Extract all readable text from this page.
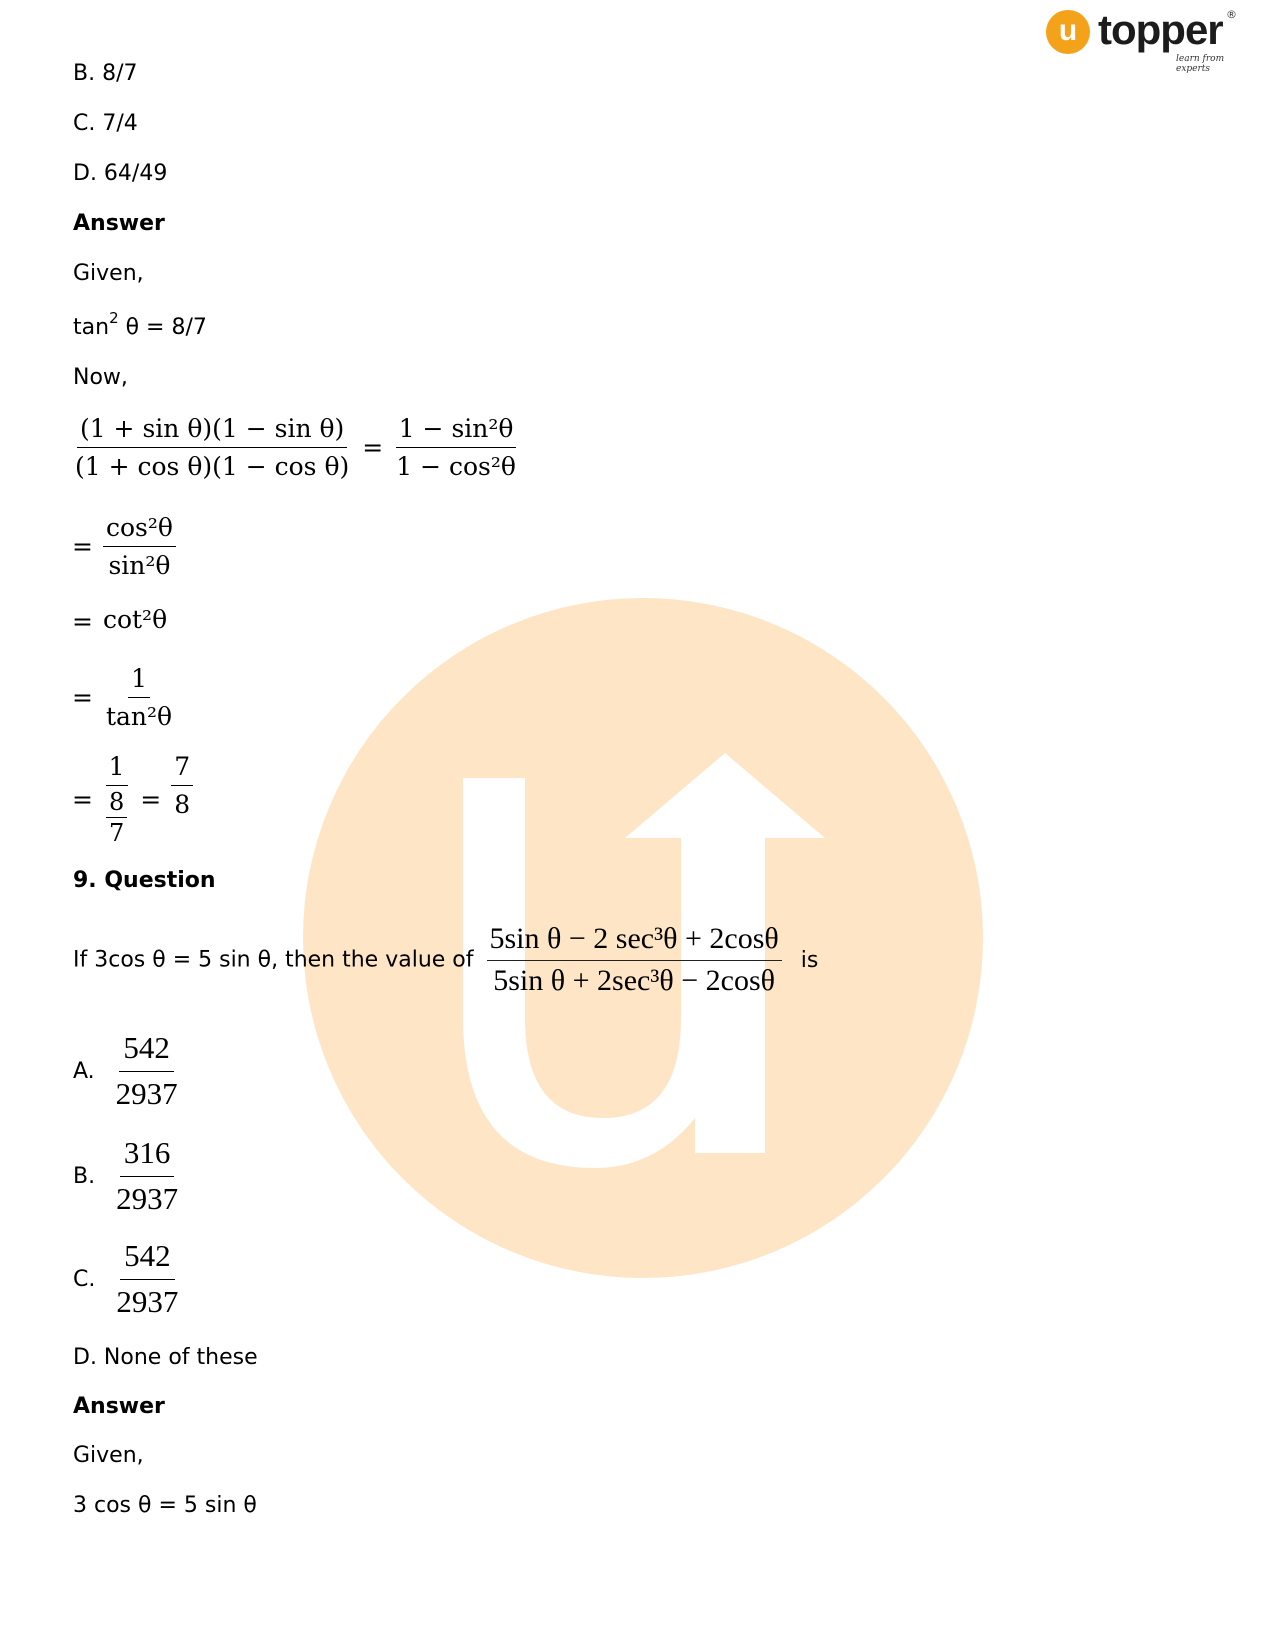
u topper
learn from experts
®
B. 8/7
C. 7/4
D. 64/49
Answer
Given,
$\tan^2 \theta = 8/7$
Now,
$\frac{\text{(1 + sin θ)(1 − sin θ)}}{\text{(1 + cos θ)(1 − cos θ)}} = \frac{\text{1 − sin²θ}}{\text{1 − cos²θ}}$
= $\frac{\text{cos²θ}}{\text{sin²θ}}$
= cot²θ
= $\frac{1}{\text{tan²θ}}$
= $\frac{1}{\frac{8}{7}} = \frac{7}{8}$
9. Question
If 3cos θ = 5 sin θ, then the value of $\frac{\text{5sin θ − 2 sec³θ + 2cosθ}}{\text{5sin θ + 2sec³θ − 2cosθ}}$ is
A. $\frac{542}{2937}$
B. $\frac{316}{2937}$
C. $\frac{542}{2937}$
D. None of these
Answer
Given,
3 cos θ = 5 sin θ
